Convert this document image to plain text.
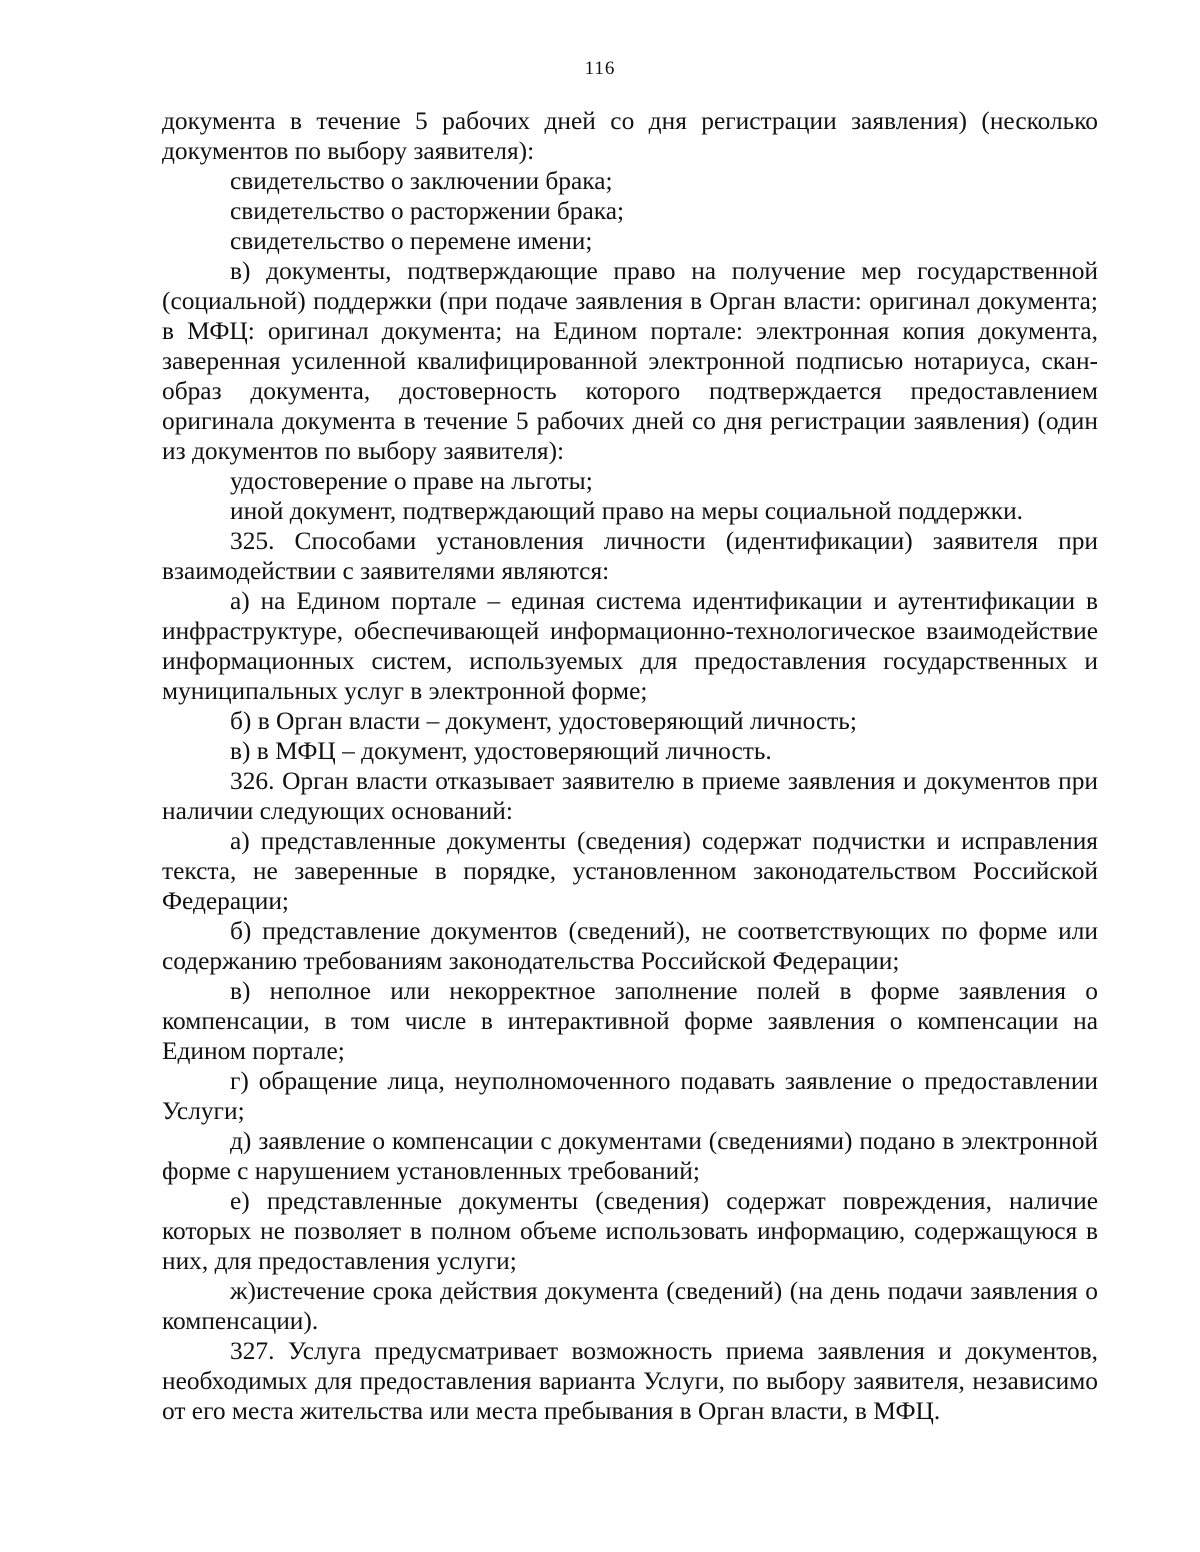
116

документа в течение 5 рабочих дней со дня регистрации заявления) (несколько документов по выбору заявителя):

свидетельство о заключении брака;

свидетельство о расторжении брака;

свидетельство о перемене имени;

в) документы, подтверждающие право на получение мер государственной (социальной) поддержки (при подаче заявления в Орган власти: оригинал документа; в МФЦ: оригинал документа; на Едином портале: электронная копия документа, заверенная усиленной квалифицированной электронной подписью нотариуса, скан-образ документа, достоверность которого подтверждается предоставлением оригинала документа в течение 5 рабочих дней со дня регистрации заявления) (один из документов по выбору заявителя):

удостоверение о праве на льготы;

иной документ, подтверждающий право на меры социальной поддержки.

325. Способами установления личности (идентификации) заявителя при взаимодействии с заявителями являются:

а) на Едином портале – единая система идентификации и аутентификации в инфраструктуре, обеспечивающей информационно-технологическое взаимодействие информационных систем, используемых для предоставления государственных и муниципальных услуг в электронной форме;

б) в Орган власти – документ, удостоверяющий личность;

в) в МФЦ – документ, удостоверяющий личность.

326. Орган власти отказывает заявителю в приеме заявления и документов при наличии следующих оснований:

а) представленные документы (сведения) содержат подчистки и исправления текста, не заверенные в порядке, установленном законодательством Российской Федерации;

б) представление документов (сведений), не соответствующих по форме или содержанию требованиям законодательства Российской Федерации;

в) неполное или некорректное заполнение полей в форме заявления о компенсации, в том числе в интерактивной форме заявления о компенсации на Едином портале;

г) обращение лица, неуполномоченного подавать заявление о предоставлении Услуги;

д) заявление о компенсации с документами (сведениями) подано в электронной форме с нарушением установленных требований;

е) представленные документы (сведения) содержат повреждения, наличие которых не позволяет в полном объеме использовать информацию, содержащуюся в них, для предоставления услуги;

ж)истечение срока действия документа (сведений) (на день подачи заявления о компенсации).

327. Услуга предусматривает возможность приема заявления и документов, необходимых для предоставления варианта Услуги, по выбору заявителя, независимо от его места жительства или места пребывания в Орган власти, в МФЦ.
